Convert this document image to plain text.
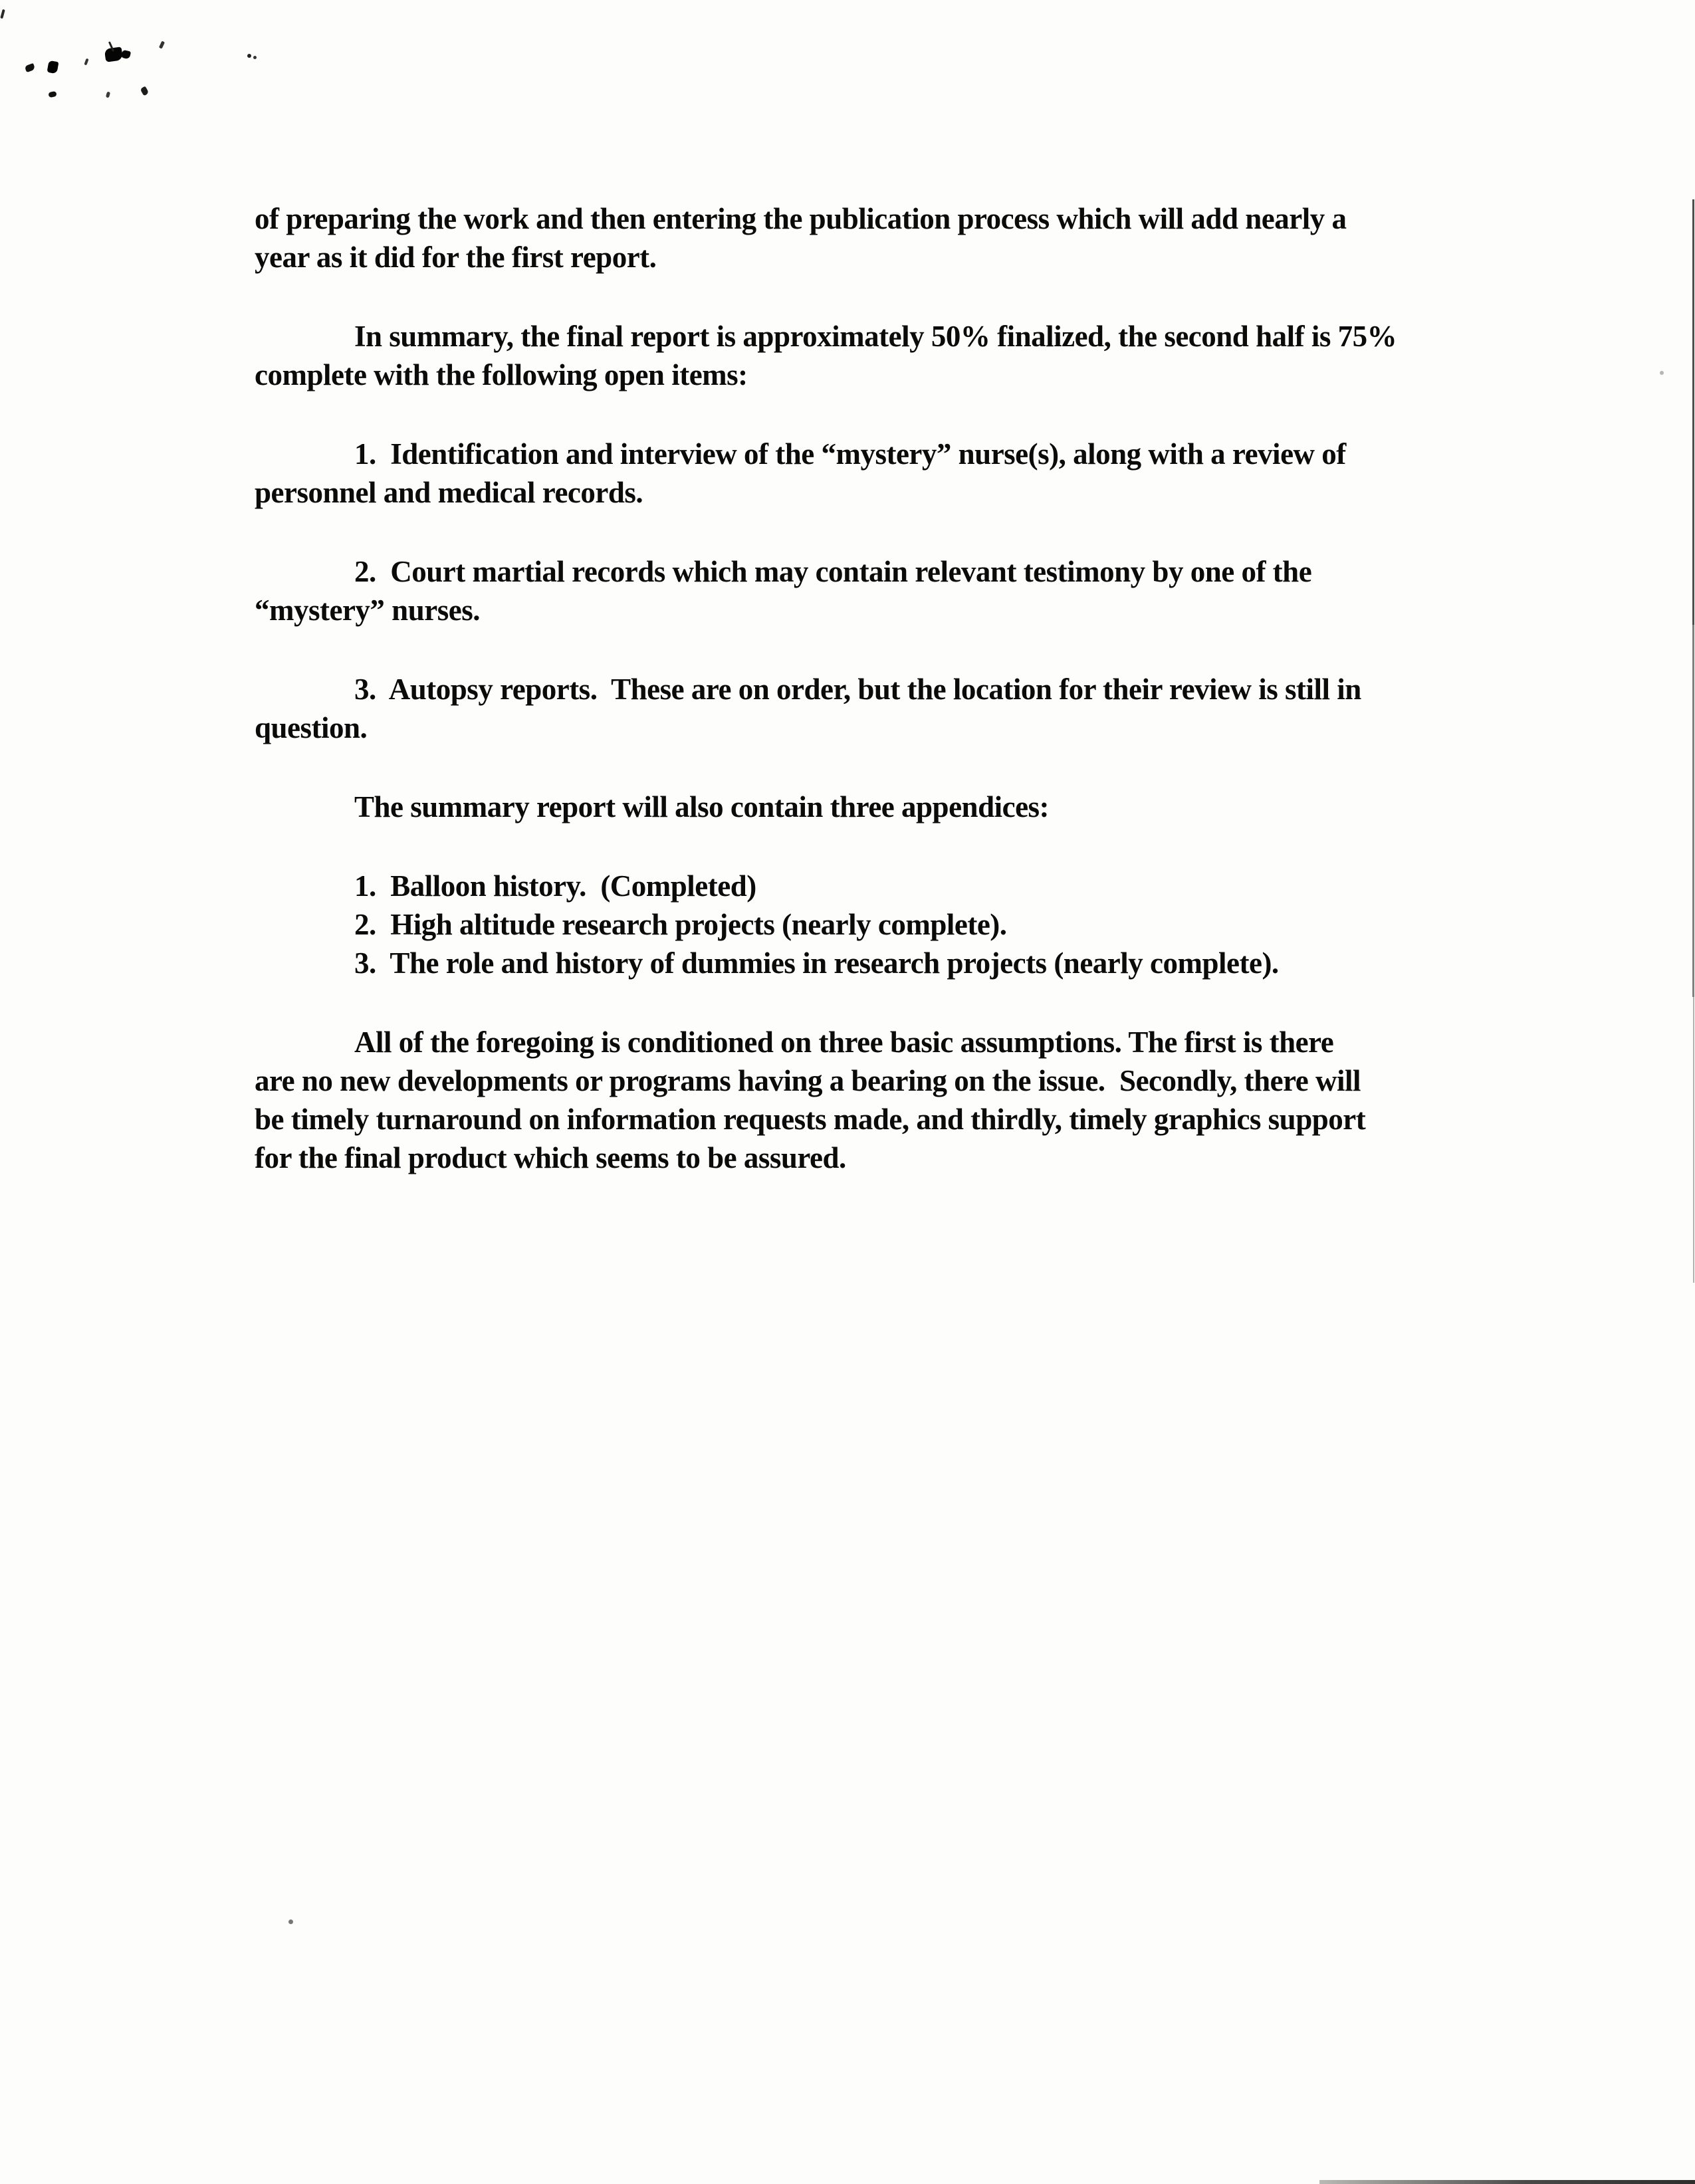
of preparing the work and then entering the publication process which will add nearly a
year as it did for the first report.
In summary, the final report is approximately 50% finalized, the second half is 75%
complete with the following open items:
1.  Identification and interview of the “mystery” nurse(s), along with a review of
personnel and medical records.
2.  Court martial records which may contain relevant testimony by one of the
“mystery” nurses.
3.  Autopsy reports.  These are on order, but the location for their review is still in
question.
The summary report will also contain three appendices:
1.  Balloon history.  (Completed)
2.  High altitude research projects (nearly complete).
3.  The role and history of dummies in research projects (nearly complete).
All of the foregoing is conditioned on three basic assumptions. The first is there
are no new developments or programs having a bearing on the issue.  Secondly, there will
be timely turnaround on information requests made, and thirdly, timely graphics support
for the final product which seems to be assured.
